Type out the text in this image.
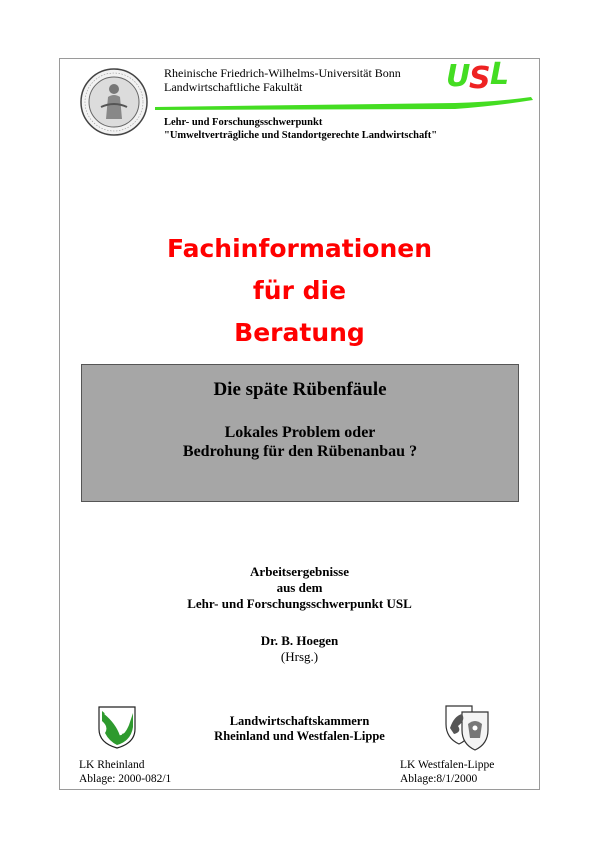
Rheinische Friedrich-Wilhelms-Universität Bonn
Landwirtschaftliche Fakultät	U
S L
Lehr- und Forschungsschwerpunkt
"Umweltverträgliche und Standortgerechte Landwirtschaft"
Fachinformationen
für die
Beratung
Die späte Rübenfäule
Lokales Problem oder
Bedrohung für den Rübenanbau ?
Arbeitsergebnisse
aus dem
Lehr- und Forschungsschwerpunkt USL
Dr. B. Hoegen
(Hrsg.)
Landwirtschaftskammern
Rheinland und Westfalen-Lippe
LK Rheinland
Ablage: 2000-082/1
LK Westfalen-Lippe
Ablage:8/1/2000
